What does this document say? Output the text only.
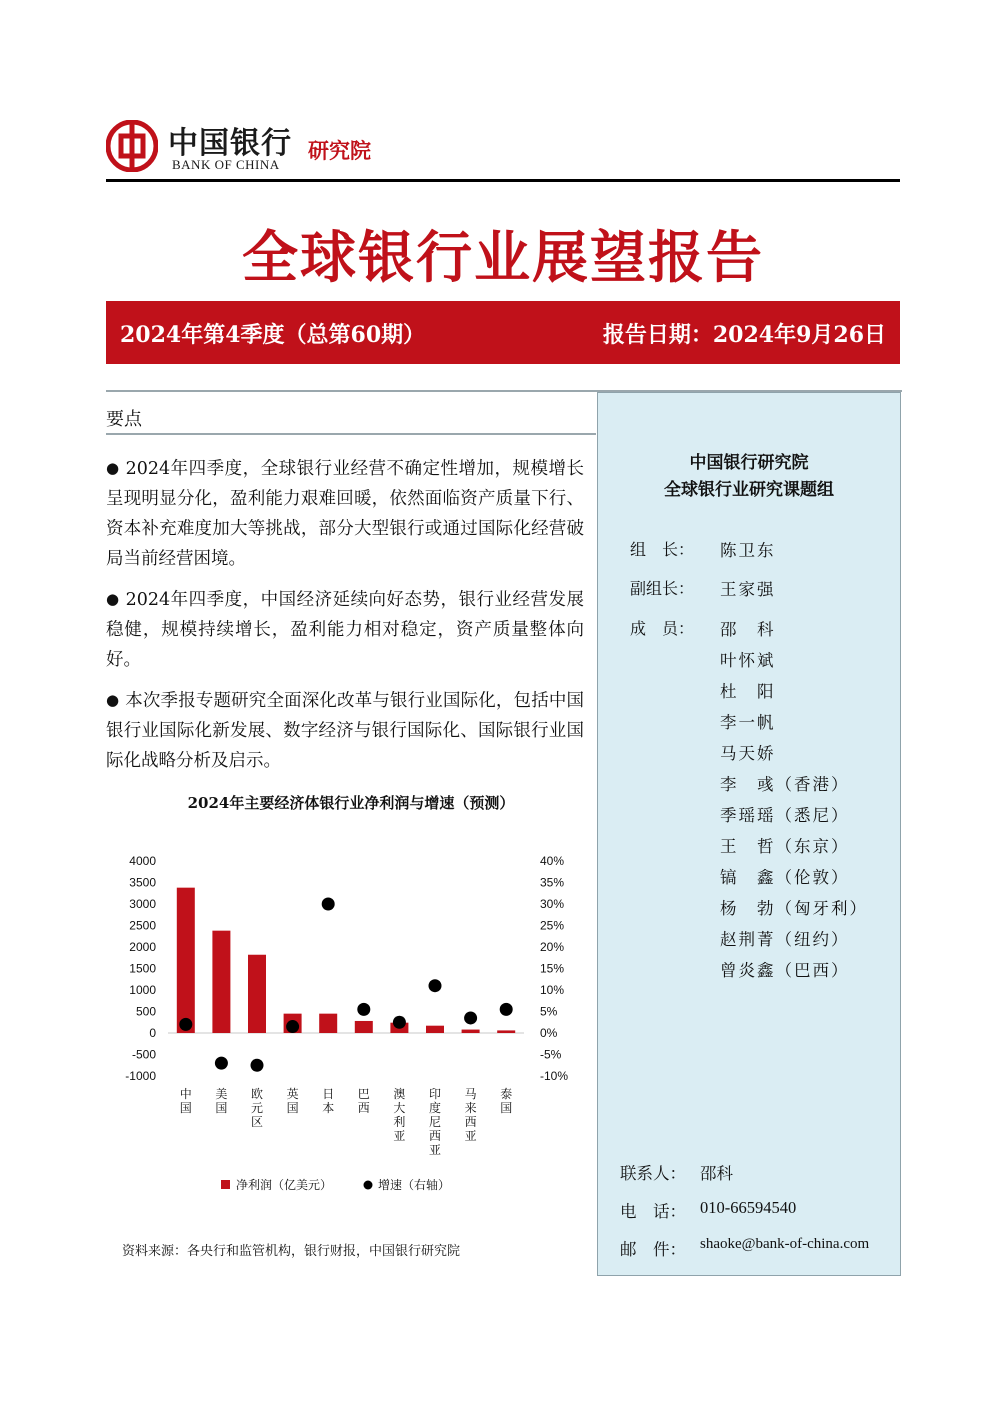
中国银行
BANK OF CHINA
研究院
全球银行业展望报告
2024年第4季度（总第60期）	报告日期：2024年9月26日
要点
● 2024年四季度，全球银行业经营不确定性增加，规模增长呈现明显分化，盈利能力艰难回暖，依然面临资产质量下行、资本补充难度加大等挑战，部分大型银行或通过国际化经营破局当前经营困境。
● 2024年四季度，中国经济延续向好态势，银行业经营发展稳健，规模持续增长，盈利能力相对稳定，资产质量整体向好。
● 本次季报专题研究全面深化改革与银行业国际化，包括中国银行业国际化新发展、数字经济与银行国际化、国际银行业国际化战略分析及启示。
2024年主要经济体银行业净利润与增速（预测）
4000
3500
3000
2500
2000
1500
1000
500
0
-500
-1000
40%
35%
30%
25%
20%
15%
10%
5%
0%
-5%
-10%
中国
美国
欧元区
英国
日本
巴西
澳大利亚
印度尼西亚
马来西亚
泰国
净利润（亿美元）	增速（右轴）
资料来源：各央行和监管机构，银行财报，中国银行研究院
中国银行研究院
全球银行业研究课题组
组　长：	陈卫东
副组长：	王家强
成　员：	邵　科
叶怀斌
杜　阳
李一帆
马天娇
李　彧（香港）
季瑶瑶（悉尼）
王　哲（东京）
镐　鑫（伦敦）
杨　勃（匈牙利）
赵荆菁（纽约）
曾炎鑫（巴西）
联系人： 邵科
电　话： 010-66594540
邮　件： shaoke@bank-of-china.com
